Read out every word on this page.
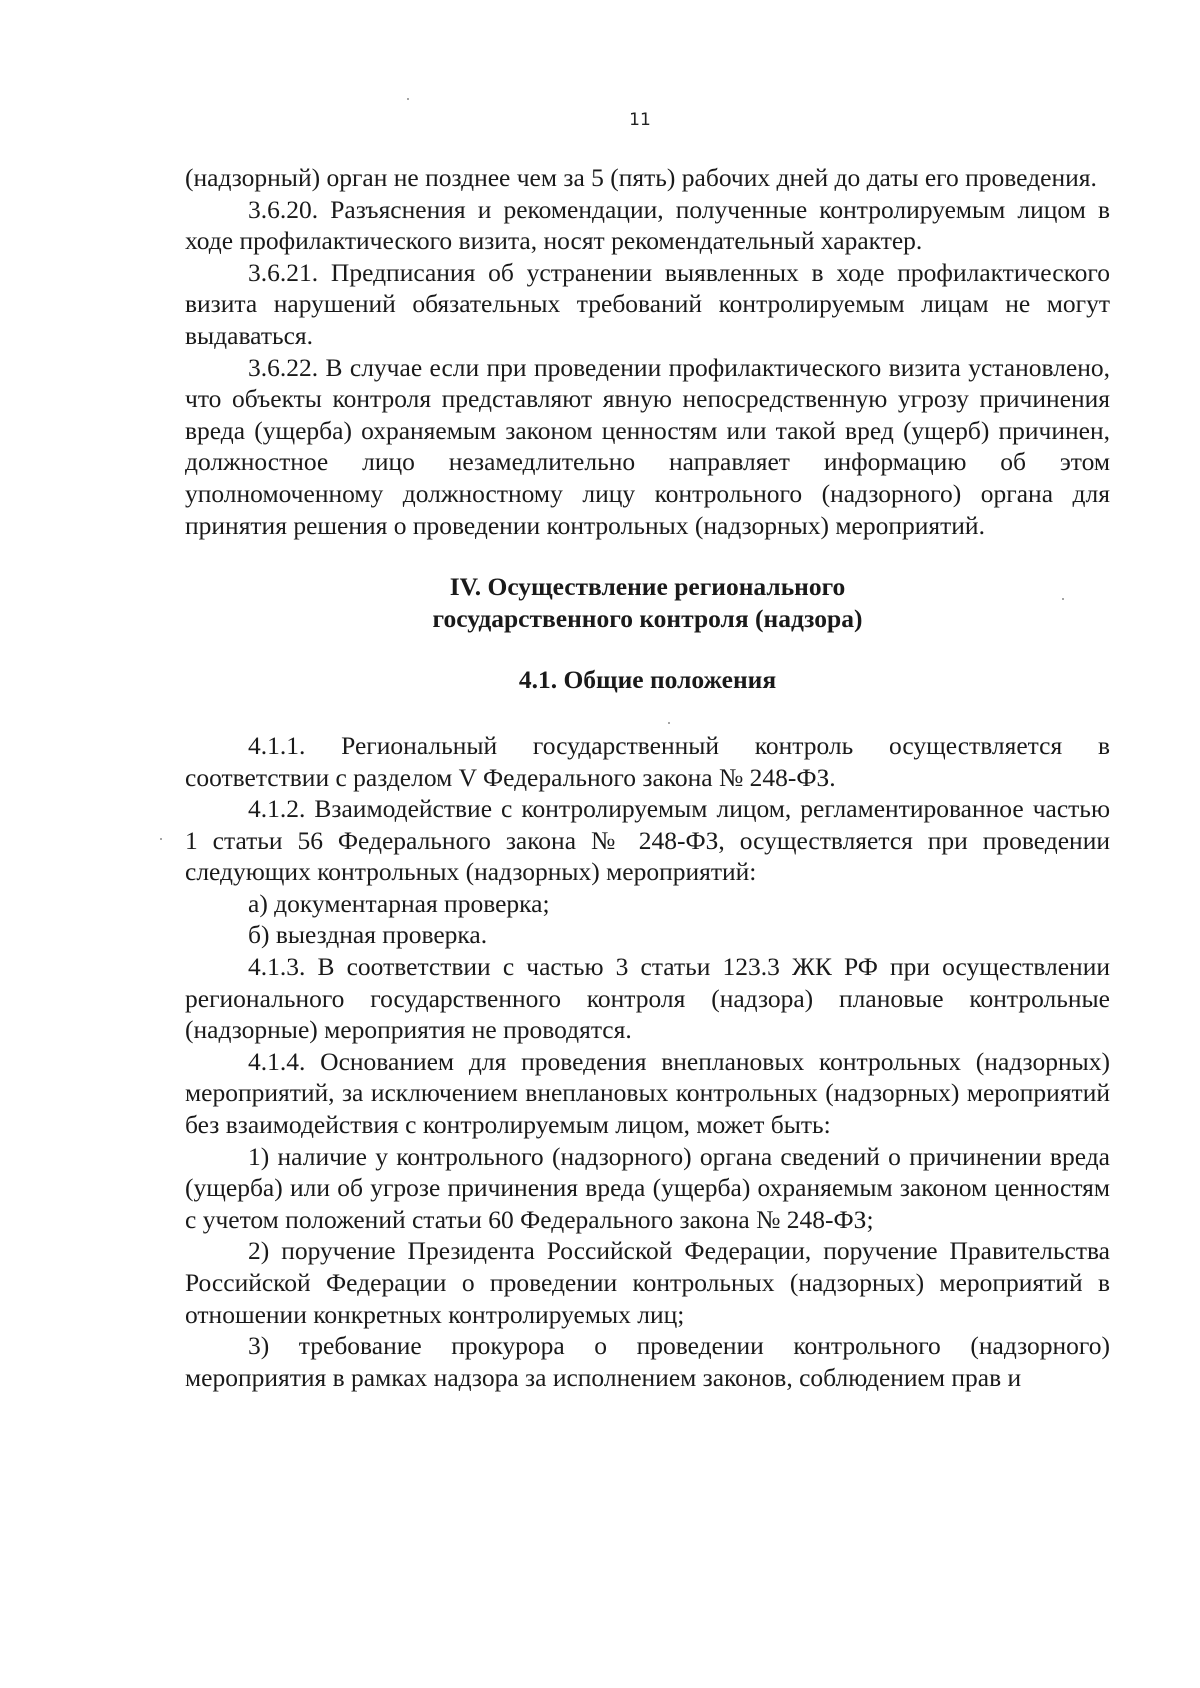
11

(надзорный) орган не позднее чем за 5 (пять) рабочих дней до даты его проведения.

3.6.20. Разъяснения и рекомендации, полученные контролируемым лицом в ходе профилактического визита, носят рекомендательный характер.

3.6.21. Предписания об устранении выявленных в ходе профилактического визита нарушений обязательных требований контролируемым лицам не могут выдаваться.

3.6.22. В случае если при проведении профилактического визита установлено, что объекты контроля представляют явную непосредственную угрозу причинения вреда (ущерба) охраняемым законом ценностям или такой вред (ущерб) причинен, должностное лицо незамедлительно направляет информацию об этом уполномоченному должностному лицу контрольного (надзорного) органа для принятия решения о проведении контрольных (надзорных) мероприятий.

IV. Осуществление регионального

государственного контроля (надзора)

4.1. Общие положения

4.1.1. Региональный государственный контроль осуществляется в соответствии с разделом V Федерального закона № 248-ФЗ.

4.1.2. Взаимодействие с контролируемым лицом, регламентированное частью 1 статьи 56 Федерального закона № 248-ФЗ, осуществляется при проведении следующих контрольных (надзорных) мероприятий:

а) документарная проверка;

б) выездная проверка.

4.1.3. В соответствии с частью 3 статьи 123.3 ЖК РФ при осуществлении регионального государственного контроля (надзора) плановые контрольные (надзорные) мероприятия не проводятся.

4.1.4. Основанием для проведения внеплановых контрольных (надзорных) мероприятий, за исключением внеплановых контрольных (надзорных) мероприятий без взаимодействия с контролируемым лицом, может быть:

1) наличие у контрольного (надзорного) органа сведений о причинении вреда (ущерба) или об угрозе причинения вреда (ущерба) охраняемым законом ценностям с учетом положений статьи 60 Федерального закона № 248-ФЗ;

2) поручение Президента Российской Федерации, поручение Правительства Российской Федерации о проведении контрольных (надзорных) мероприятий в отношении конкретных контролируемых лиц;

3) требование прокурора о проведении контрольного (надзорного) мероприятия в рамках надзора за исполнением законов, соблюдением прав и
